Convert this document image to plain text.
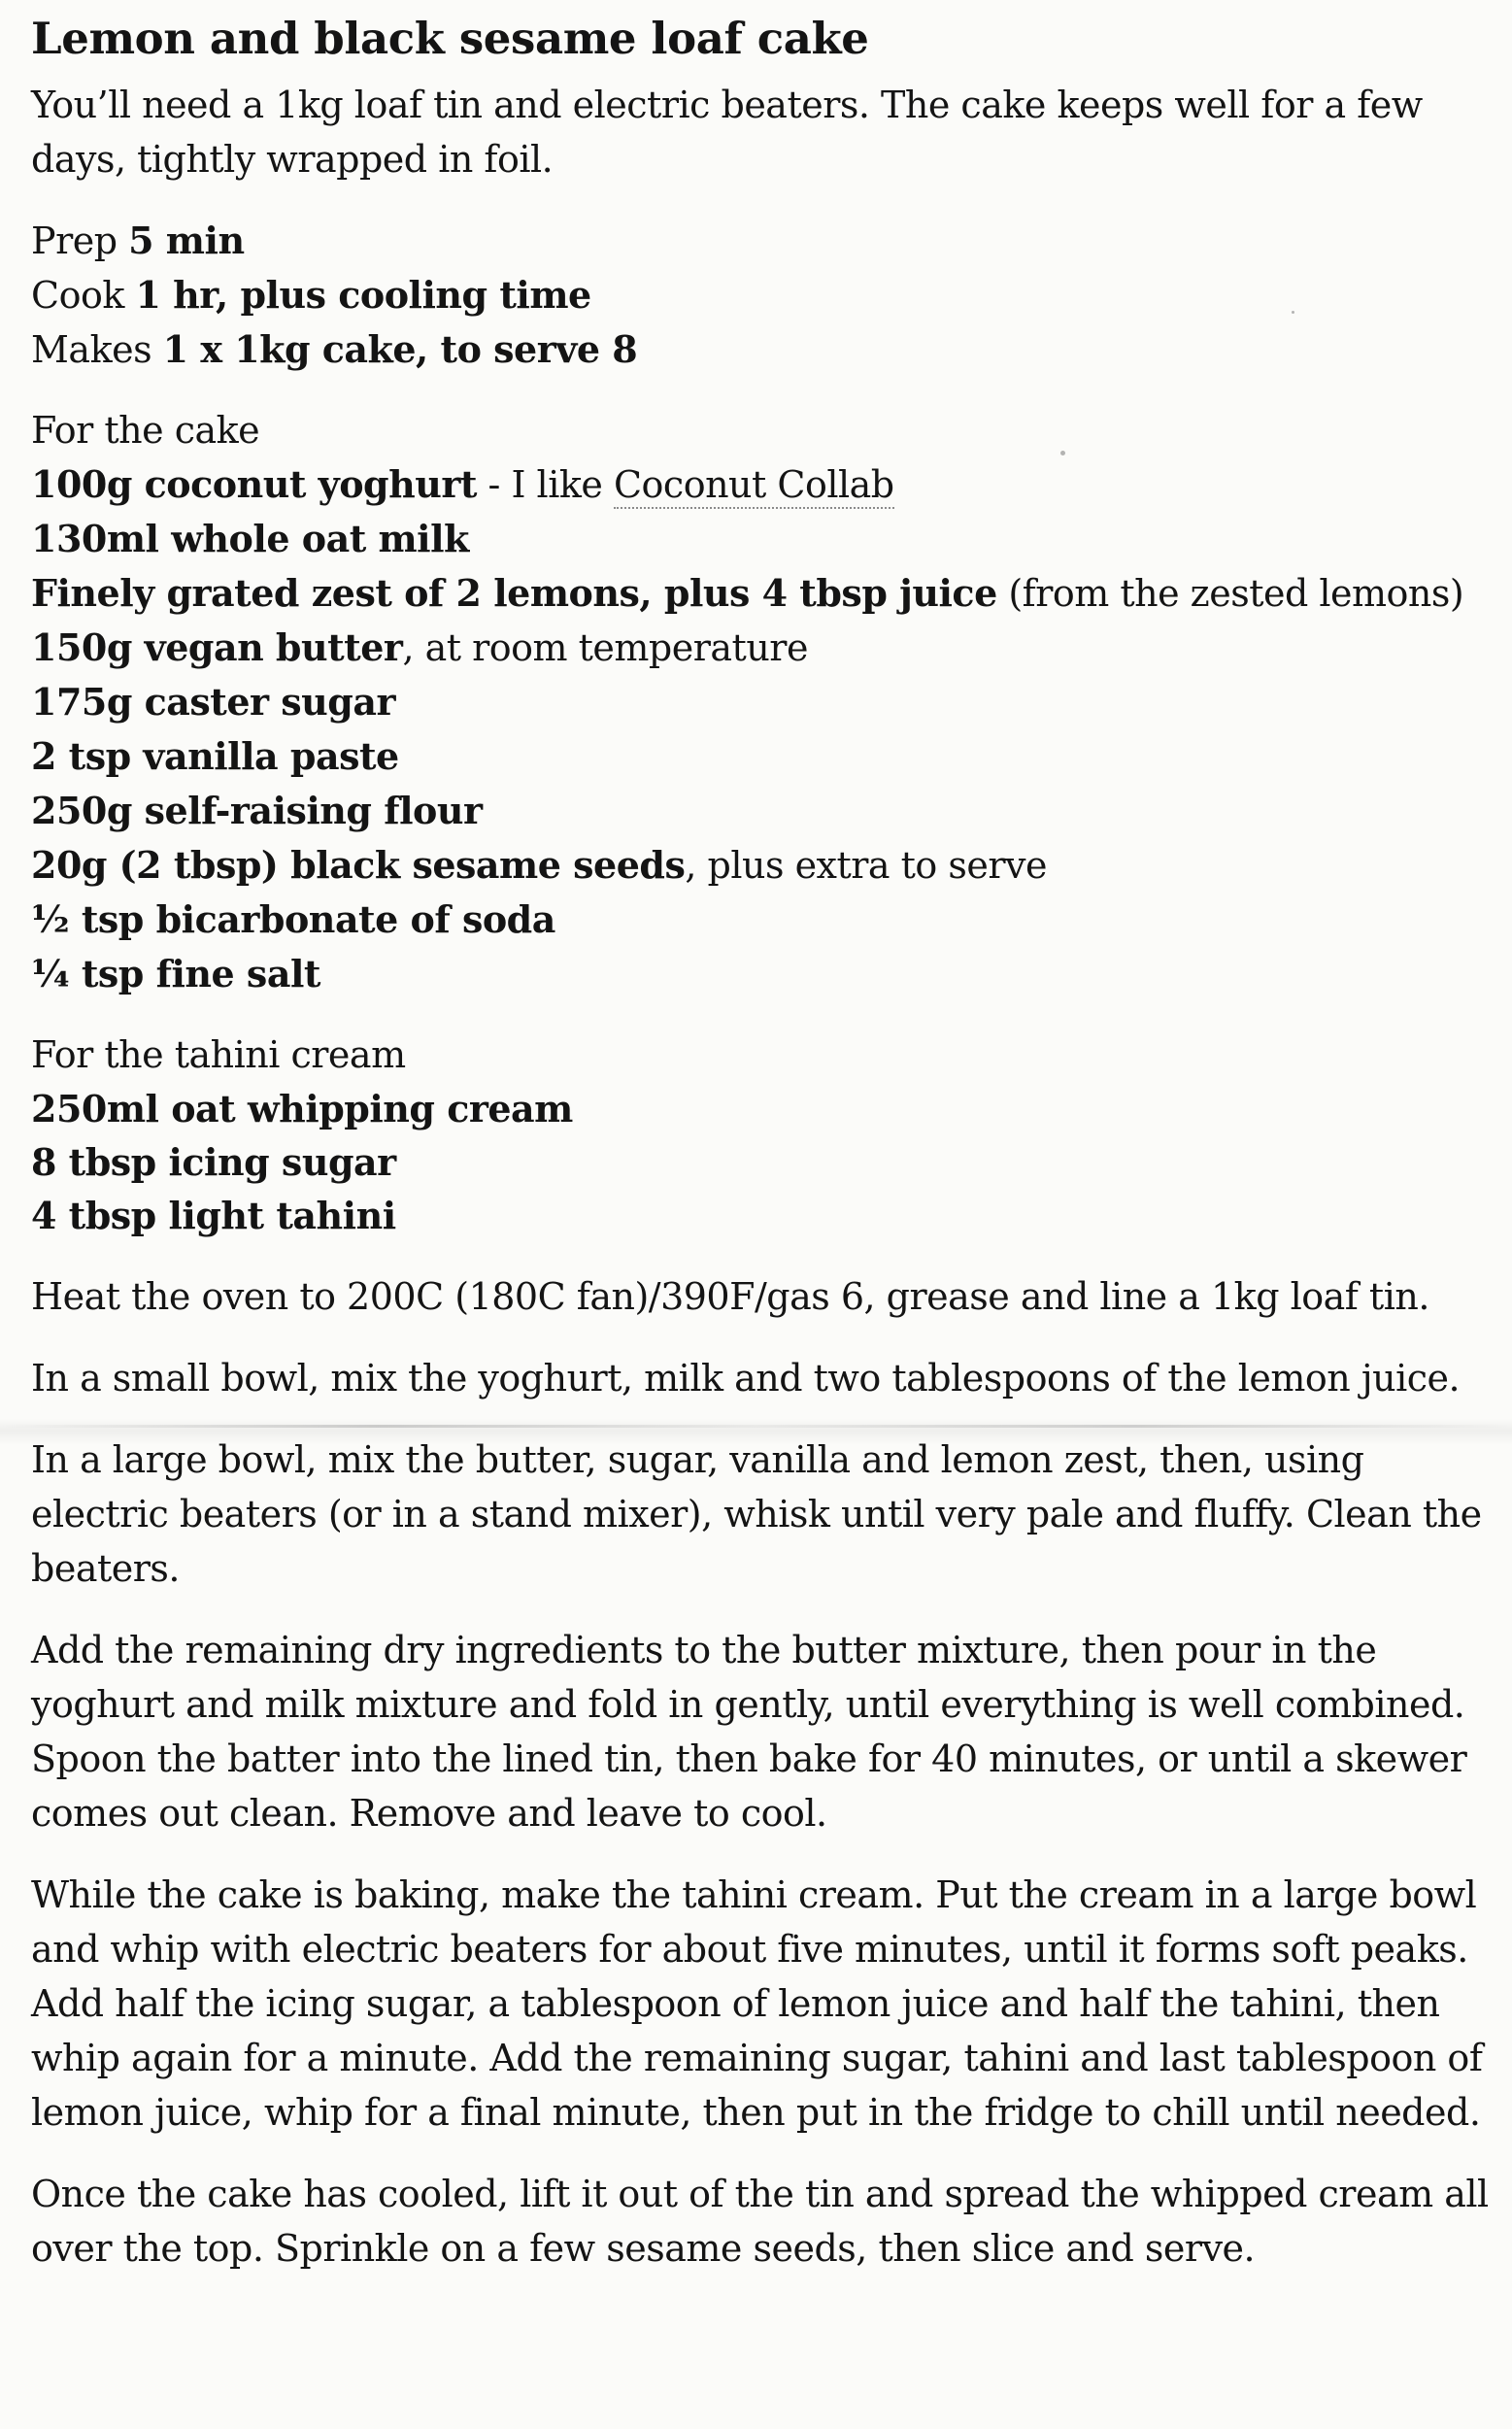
Lemon and black sesame loaf cake

You’ll need a 1kg loaf tin and electric beaters. The cake keeps well for a few days, tightly wrapped in foil.

Prep 5 min
Cook 1 hr, plus cooling time
Makes 1 x 1kg cake, to serve 8
For the cake
100g coconut yoghurt - I like Coconut Collab
130ml whole oat milk
Finely grated zest of 2 lemons, plus 4 tbsp juice (from the zested lemons)
150g vegan butter, at room temperature
175g caster sugar
2 tsp vanilla paste
250g self-raising flour
20g (2 tbsp) black sesame seeds, plus extra to serve
½ tsp bicarbonate of soda
¼ tsp fine salt
For the tahini cream
250ml oat whipping cream
8 tbsp icing sugar
4 tbsp light tahini

Heat the oven to 200C (180C fan)/390F/gas 6, grease and line a 1kg loaf tin.

In a small bowl, mix the yoghurt, milk and two tablespoons of the lemon juice.

In a large bowl, mix the butter, sugar, vanilla and lemon zest, then, using electric beaters (or in a stand mixer), whisk until very pale and fluffy. Clean the beaters.

Add the remaining dry ingredients to the butter mixture, then pour in the yoghurt and milk mixture and fold in gently, until everything is well combined. Spoon the batter into the lined tin, then bake for 40 minutes, or until a skewer comes out clean. Remove and leave to cool.

While the cake is baking, make the tahini cream. Put the cream in a large bowl and whip with electric beaters for about five minutes, until it forms soft peaks. Add half the icing sugar, a tablespoon of lemon juice and half the tahini, then whip again for a minute. Add the remaining sugar, tahini and last tablespoon of lemon juice, whip for a final minute, then put in the fridge to chill until needed.

Once the cake has cooled, lift it out of the tin and spread the whipped cream all over the top. Sprinkle on a few sesame seeds, then slice and serve.
